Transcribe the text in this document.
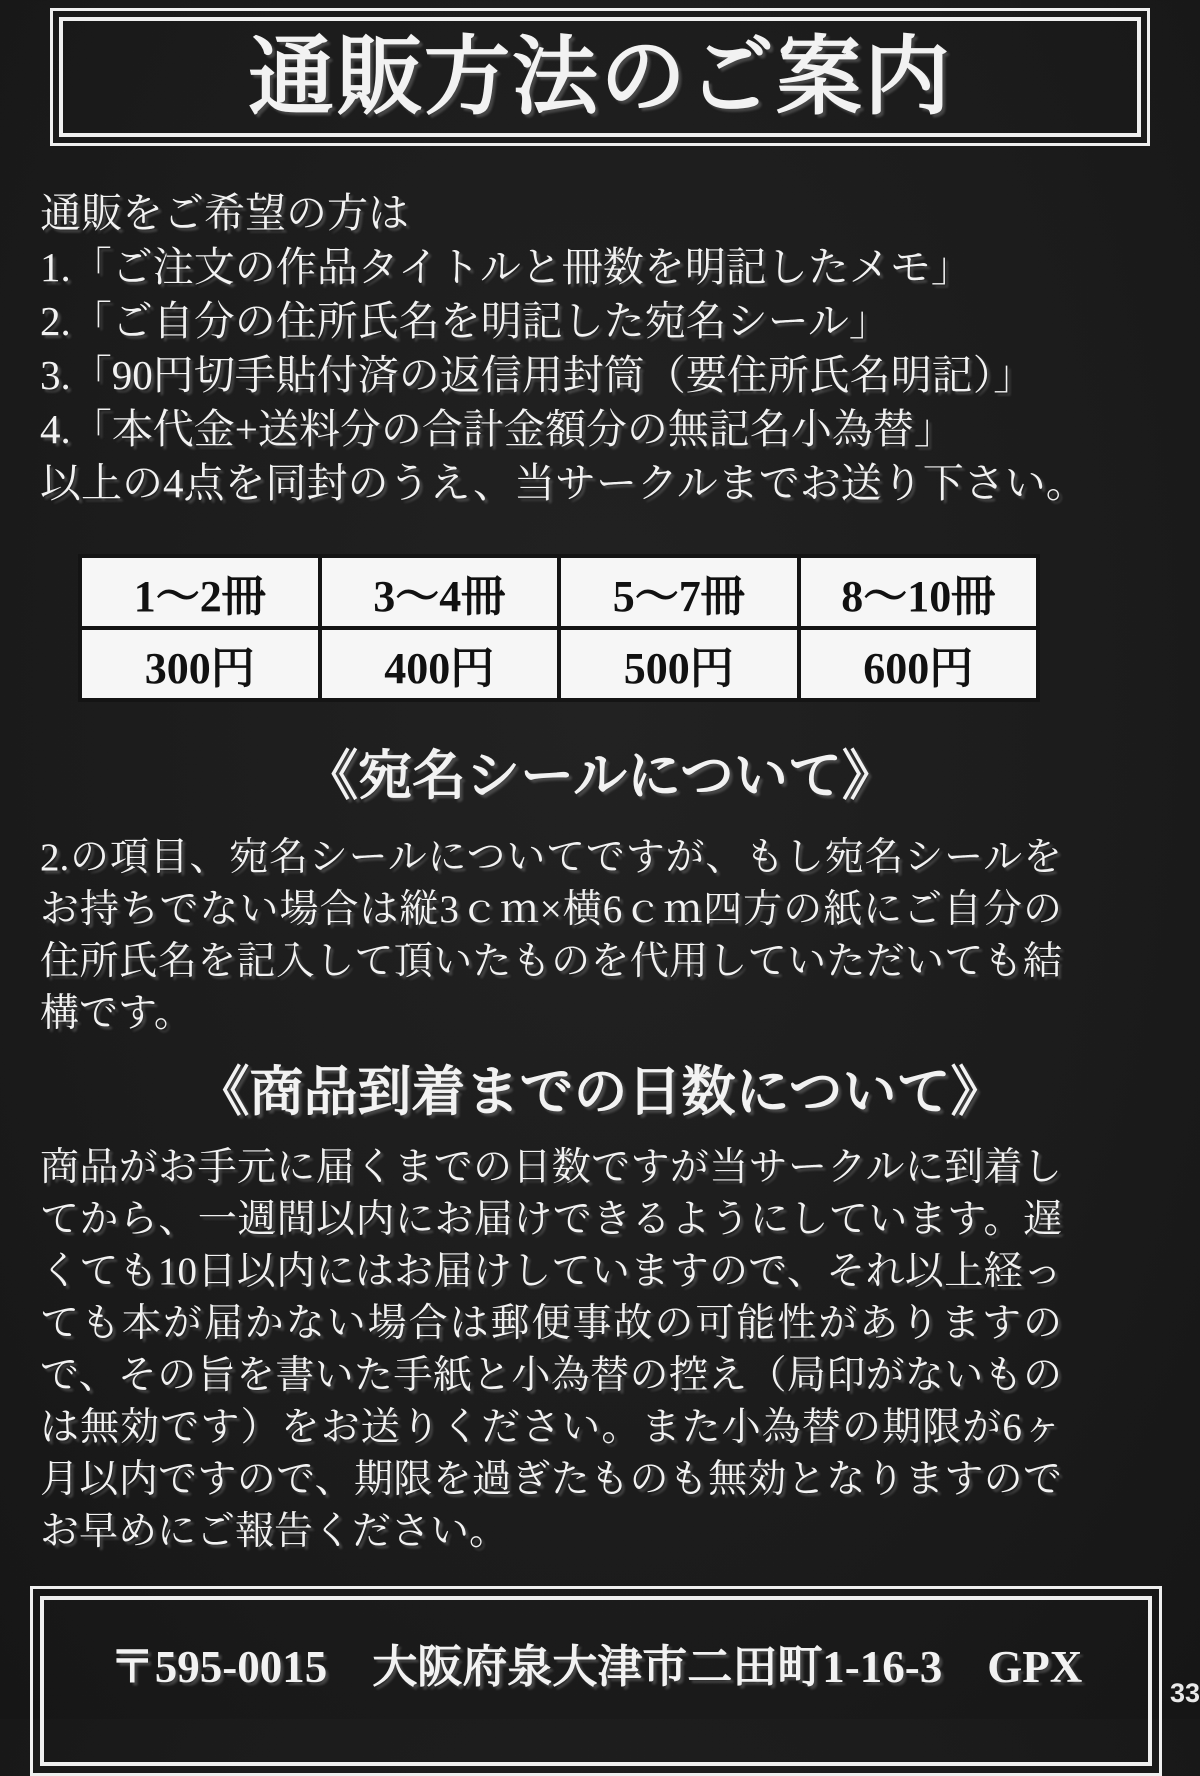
通販方法のご案内
通販をご希望の方は
1.「ご注文の作品タイトルと冊数を明記したメモ」
2.「ご自分の住所氏名を明記した宛名シール」
3.「90円切手貼付済の返信用封筒（要住所氏名明記）」
4.「本代金+送料分の合計金額分の無記名小為替」
以上の4点を同封のうえ、当サークルまでお送り下さい。
1～2冊	3～4冊	5～7冊	8～10冊
300円	400円	500円	600円
《宛名シールについて》

2.の項目、宛名シールについてですが、もし宛名シールをお持ちでない場合は縦3ｃｍ×横6ｃｍ四方の紙にご自分の住所氏名を記入して頂いたものを代用していただいても結構です。

《商品到着までの日数について》

商品がお手元に届くまでの日数ですが当サークルに到着してから、一週間以内にお届けできるようにしています。遅くても10日以内にはお届けしていますので、それ以上経っても本が届かない場合は郵便事故の可能性がありますので、その旨を書いた手紙と小為替の控え（局印がないものは無効です）をお送りください。また小為替の期限が6ヶ月以内ですので、期限を過ぎたものも無効となりますのでお早めにご報告ください。

〒595-0015　大阪府泉大津市二田町1-16-3　GPX
33
